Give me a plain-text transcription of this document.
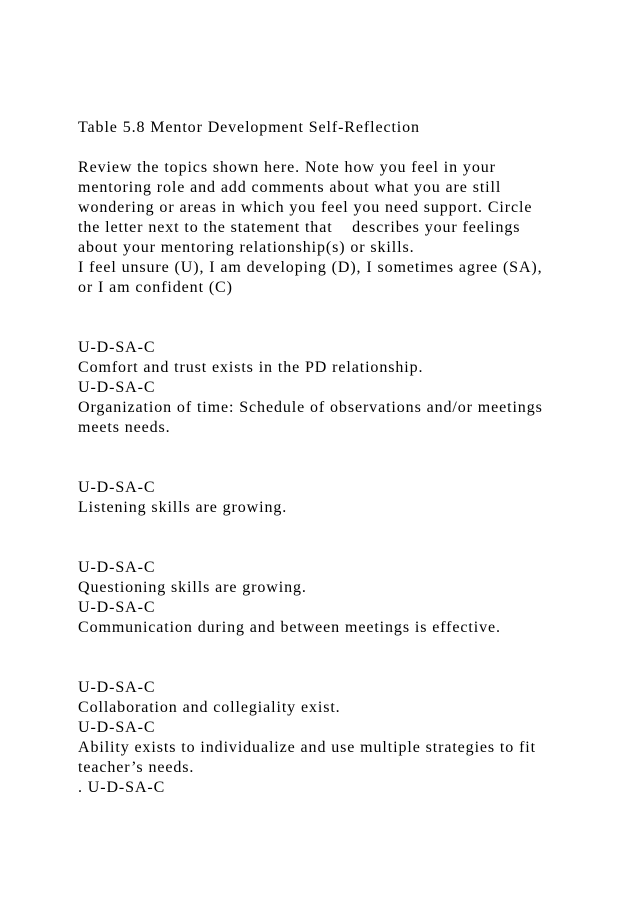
Table 5.8 Mentor Development Self-Reflection
Review the topics shown here. Note how you feel in your
mentoring role and add comments about what you are still
wondering or areas in which you feel you need support. Circle
the letter next to the statement that    describes your feelings
about your mentoring relationship(s) or skills.
I feel unsure (U), I am developing (D), I sometimes agree (SA),
or I am confident (C)
U-D-SA-C
Comfort and trust exists in the PD relationship.
U-D-SA-C
Organization of time: Schedule of observations and/or meetings
meets needs.
U-D-SA-C
Listening skills are growing.
U-D-SA-C
Questioning skills are growing.
U-D-SA-C
Communication during and between meetings is effective.
U-D-SA-C
Collaboration and collegiality exist.
U-D-SA-C
Ability exists to individualize and use multiple strategies to fit
teacher’s needs.
. U-D-SA-C
